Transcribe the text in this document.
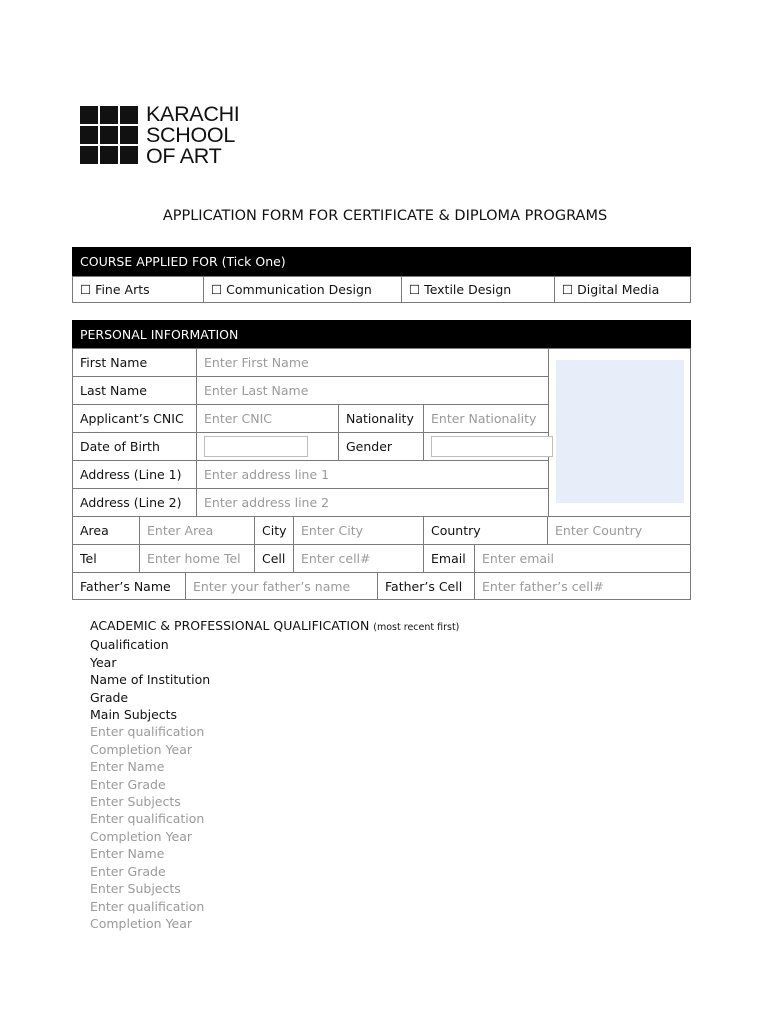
KARACHI
SCHOOL
OF ART
APPLICATION FORM FOR CERTIFICATE & DIPLOMA PROGRAMS
COURSE APPLIED FOR (Tick One)
☐ Fine Arts	☐ Communication Design	☐ Textile Design	☐ Digital Media
PERSONAL INFORMATION
First Name	Enter First Name
Last Name	Enter Last Name
Applicant’s CNIC	Enter CNIC	Nationality	Enter Nationality
Date of Birth	Gender
Address (Line 1)	Enter address line 1
Address (Line 2)	Enter address line 2
Area	Enter Area	City	Enter City	Country	Enter Country
Tel	Enter home Tel	Cell	Enter cell#	Email	Enter email
Father’s Name	Enter your father’s name	Father’s Cell	Enter father’s cell#
ACADEMIC & PROFESSIONAL QUALIFICATION (most recent first)
Qualification
Year
Name of Institution
Grade
Main Subjects
Enter qualification
Completion Year
Enter Name
Enter Grade
Enter Subjects
Enter qualification
Completion Year
Enter Name
Enter Grade
Enter Subjects
Enter qualification
Completion Year
